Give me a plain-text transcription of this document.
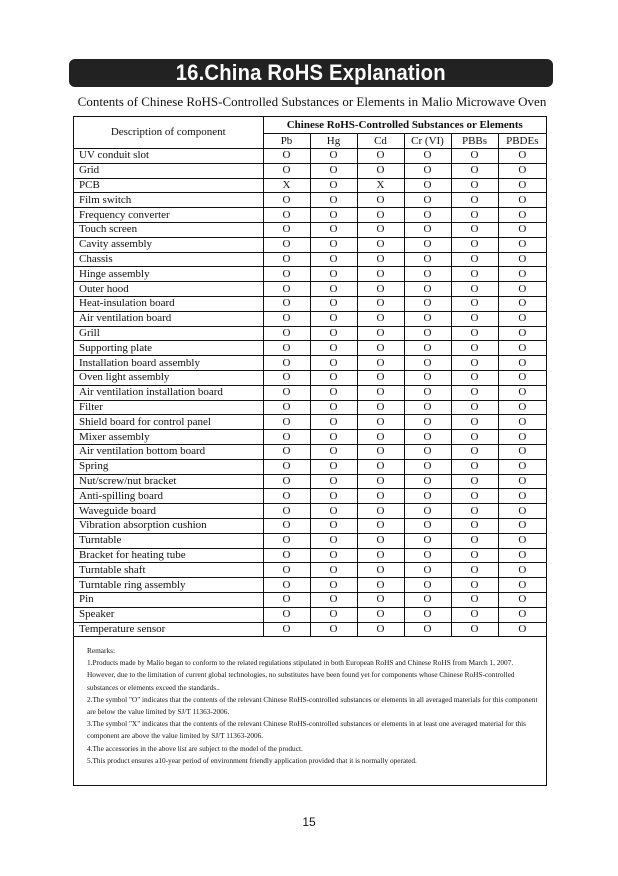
16.China RoHS Explanation
Contents of Chinese RoHS-Controlled Substances or Elements in Malio Microwave Oven
Description of component	Chinese RoHS-Controlled Substances or Elements					
	Pb	Hg	Cd	Cr (VI)	PBBs	PBDEs
UV conduit slot	O	O	O	O	O	O
Grid	O	O	O	O	O	O
PCB	X	O	X	O	O	O
Film switch	O	O	O	O	O	O
Frequency converter	O	O	O	O	O	O
Touch screen	O	O	O	O	O	O
Cavity assembly	O	O	O	O	O	O
Chassis	O	O	O	O	O	O
Hinge assembly	O	O	O	O	O	O
Outer hood	O	O	O	O	O	O
Heat-insulation board	O	O	O	O	O	O
Air ventilation board	O	O	O	O	O	O
Grill	O	O	O	O	O	O
Supporting plate	O	O	O	O	O	O
Installation board assembly	O	O	O	O	O	O
Oven light assembly	O	O	O	O	O	O
Air ventilation installation board	O	O	O	O	O	O
Filter	O	O	O	O	O	O
Shield board for control panel	O	O	O	O	O	O
Mixer assembly	O	O	O	O	O	O
Air ventilation bottom board	O	O	O	O	O	O
Spring	O	O	O	O	O	O
Nut/screw/nut bracket	O	O	O	O	O	O
Anti-spilling board	O	O	O	O	O	O
Waveguide board	O	O	O	O	O	O
Vibration absorption cushion	O	O	O	O	O	O
Turntable	O	O	O	O	O	O
Bracket for heating tube	O	O	O	O	O	O
Turntable shaft	O	O	O	O	O	O
Turntable ring assembly	O	O	O	O	O	O
Pin	O	O	O	O	O	O
Speaker	O	O	O	O	O	O
Temperature sensor	O	O	O	O	O	O
Remarks:
1.Products made by Malio began to conform to the related regulations stipulated in both European RoHS and Chinese RoHS from March 1, 2007. However, due to the limitation of current global technologies, no substitutes have been found yet for components whose Chinese RoHS-controlled substances or elements exceed the standards..
2.The symbol "O" indicates that the contents of the relevant Chinese RoHS-controlled substances or elements in all averaged materials for this component are below the value limited by SJ/T 11363-2006.
3.The symbol "X" indicates that the contents of the relevant Chinese RoHS-controlled substances or elements in at least one averaged material for this component are above the value limited by SJ/T 11363-2006.
4.The accessories in the above list are subject to the model of the product.
5.This product ensures a10-year period of environment friendly application provided that it is normally operated.
15
